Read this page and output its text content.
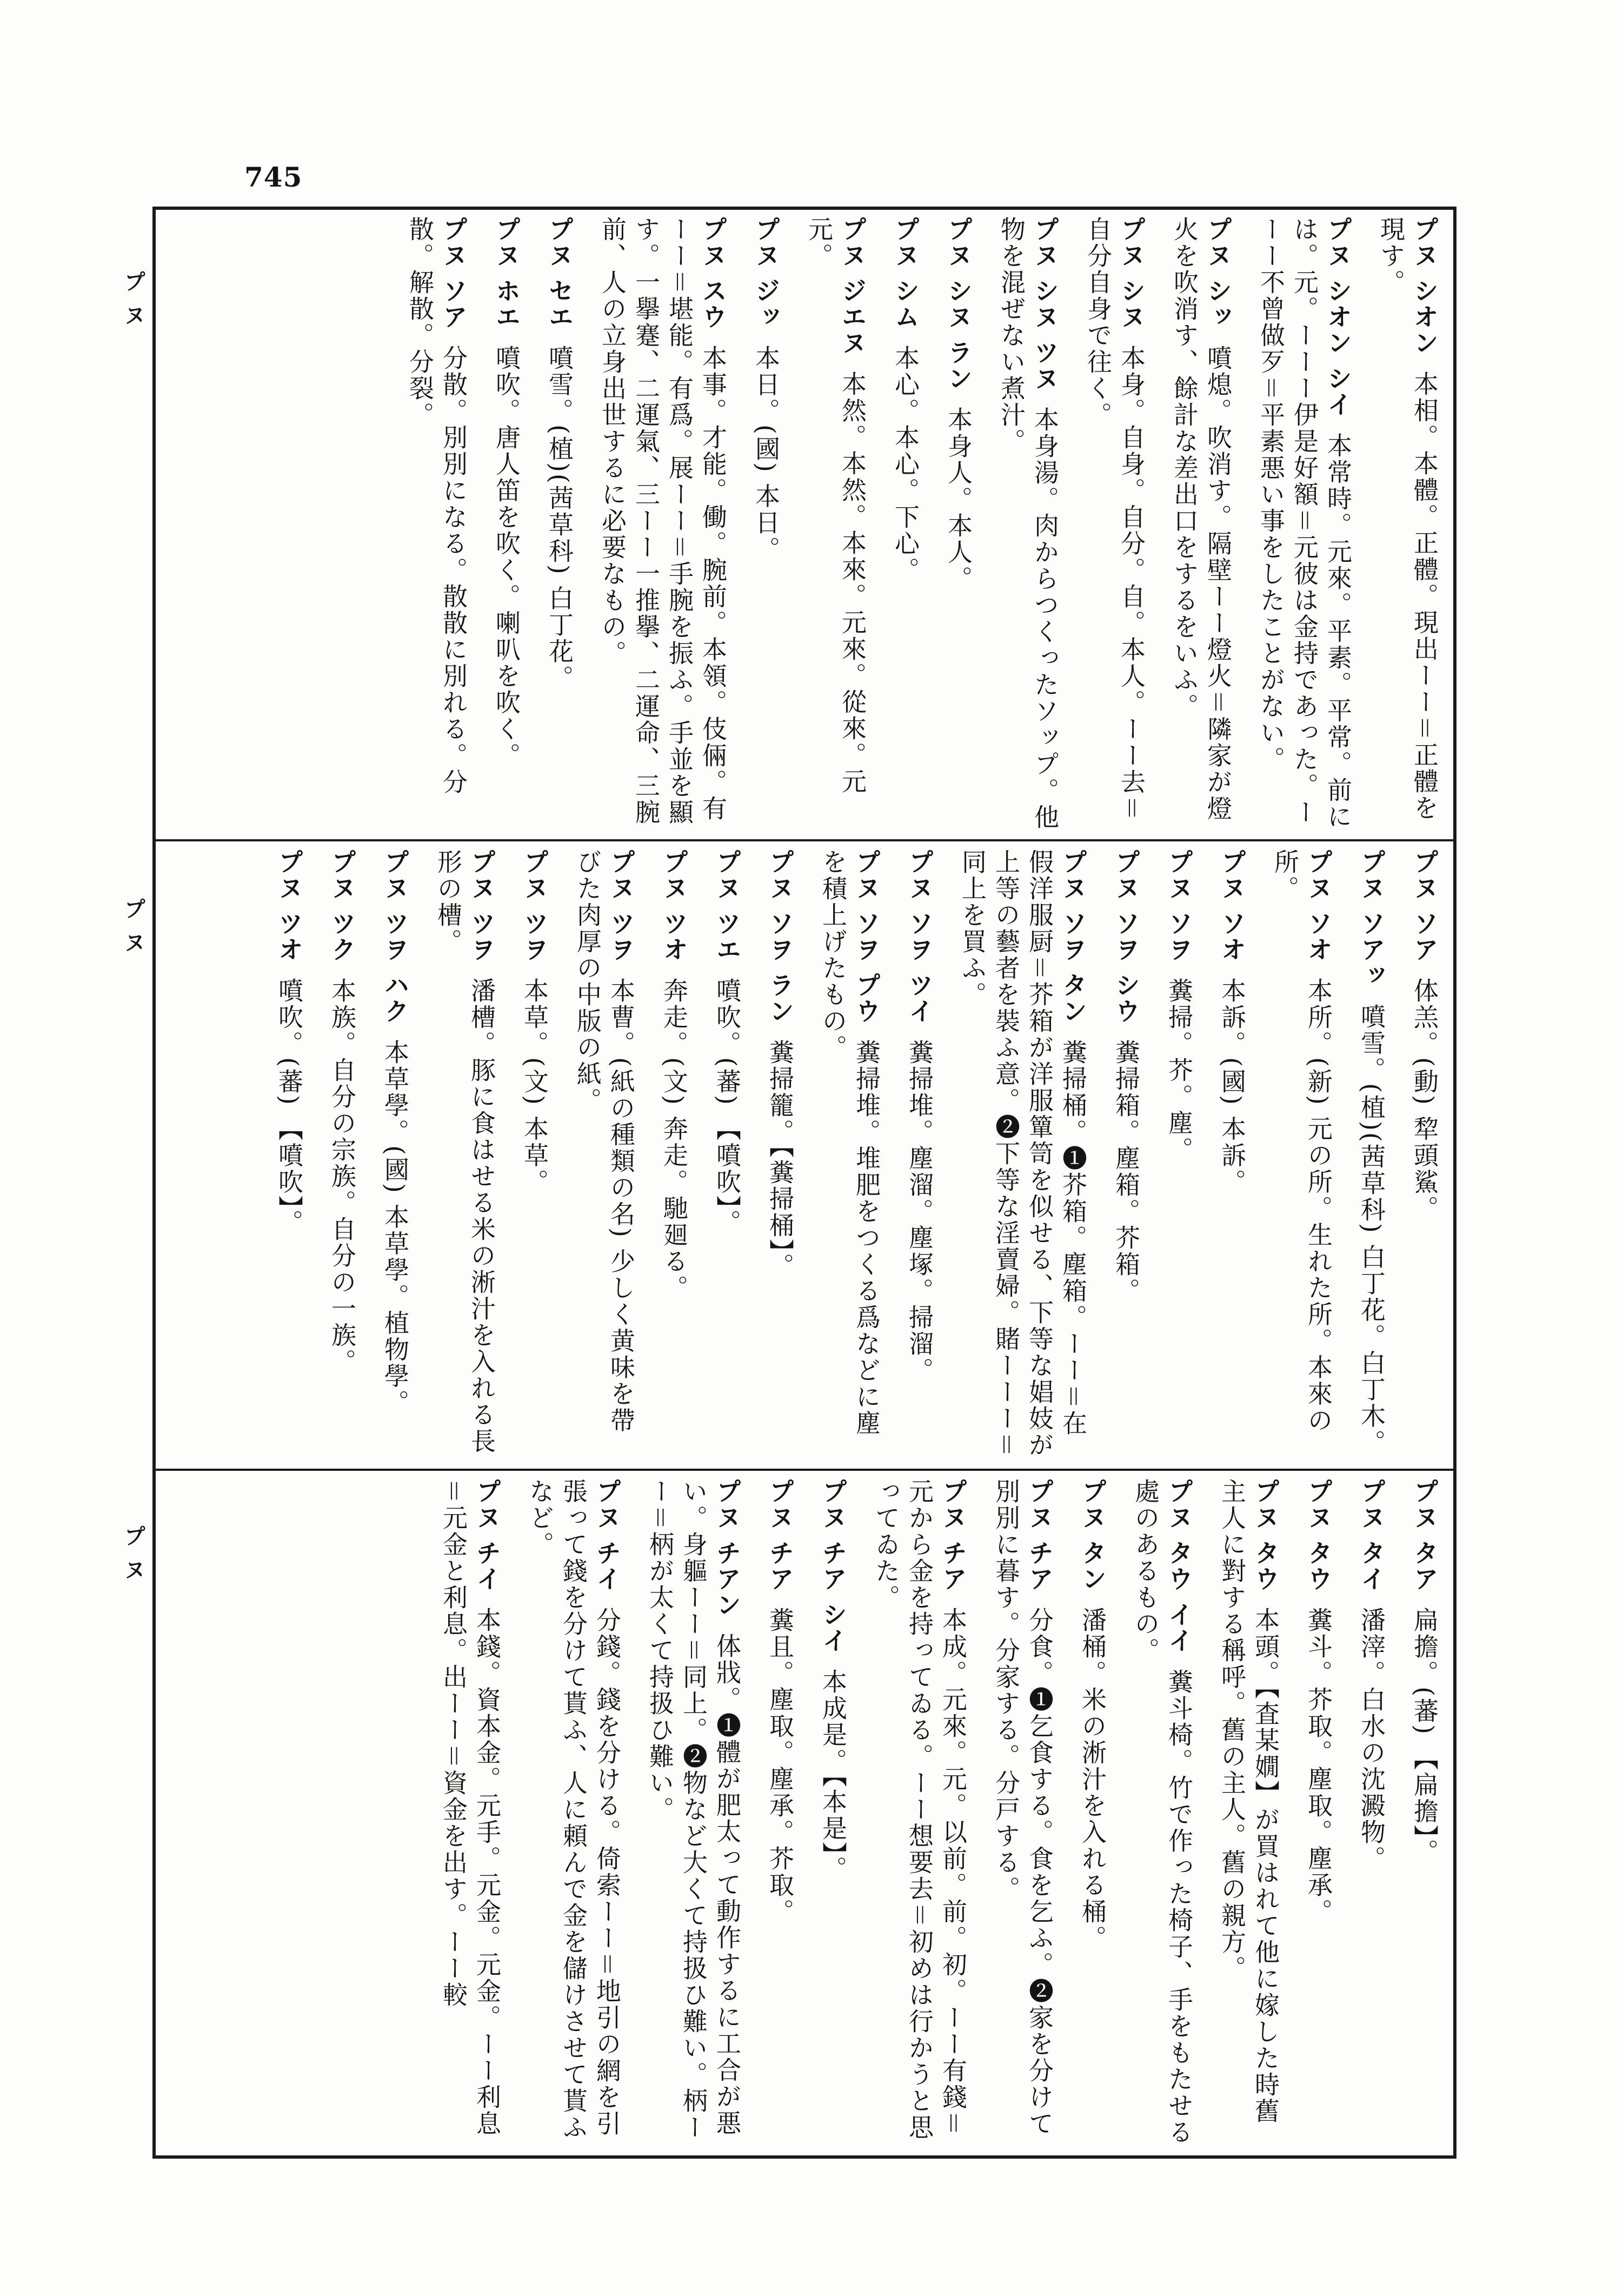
745
プヌ
プヌ
プヌ
プヌ シオン本相。本體。正體。現出ーー＝正體を現す。
プヌ シオン シイ本常時。元來。平素。平常。前には。元。ーーー伊是好額＝元彼は金持であった。ーーー不曾做歹＝平素悪い事をしたことがない。
プヌ シッ噴熄。吹消す。隔壁ーー燈火＝隣家が燈火を吹消す、餘計な差出口をするをいふ。
プヌ シヌ本身。自身。自分。自。本人。ーー去＝自分自身で往く。
プヌ シヌ ツヌ本身湯。肉からつくったソップ。他物を混ぜない煮汁。
プヌ シヌ ラン本身人。本人。
プヌ シム本心。本心。下心。
プヌ ジエヌ本然。本然。本來。元來。從來。元元。
プヌ ジッ本日。(國) 本日。
プヌ スウ本事。才能。働。腕前。本領。伎倆。有ーー＝堪能。有爲。展ーー＝手腕を振ふ。手並を顯す。一擧蹇、二運氣、三ーー一推擧、二運命、三腕前、人の立身出世するに必要なもの。
プヌ セエ噴雪。(植)(茜草科) 白丁花。
プヌ ホエ噴吹。唐人笛を吹く。喇叭を吹く。
プヌ ソア分散。別別になる。散散に別れる。分散。解散。分裂。
プヌ ソア体羔。(動) 犂頭鯊。
プヌ ソアッ噴雪。(植)(茜草科) 白丁花。白丁木。
プヌ ソオ本所。(新) 元の所。生れた所。本來の所。
プヌ ソオ本訴。(國) 本訴。
プヌ ソヲ糞掃。芥。塵。
プヌ ソヲ シウ糞掃箱。塵箱。芥箱。
プヌ ソヲ タン糞掃桶。❶芥箱。塵箱。ーー＝在假洋服厨＝芥箱が洋服簞笥を似せる、下等な娼妓が上等の藝者を裝ふ意。❷下等な淫賣婦。賭ーーー＝同上を買ふ。
プヌ ソヲ ツイ糞掃堆。塵溜。塵塚。掃溜。
プヌ ソヲ プウ糞掃堆。堆肥をつくる爲などに塵を積上げたもの。
プヌ ソヲ ラン糞掃籠。【糞掃桶】。
プヌ ツエ噴吹。(蕃) 【噴吹】。
プヌ ツオ奔走。(文) 奔走。馳廻る。
プヌ ツヲ本曹。(紙の種類の名) 少しく黄味を帶びた肉厚の中版の紙。
プヌ ツヲ本草。(文) 本草。
プヌ ツヲ潘槽。豚に食はせる米の淅汁を入れる長形の槽。
プヌ ツヲ ハク本草學。(國) 本草學。植物學。
プヌ ツク本族。自分の宗族。自分の一族。
プヌ ツオ噴吹。(蕃) 【噴吹】。
プヌ タア扁擔。(蕃) 【扁擔】。
プヌ タイ潘滓。白水の沈澱物。
プヌ タウ糞斗。芥取。塵取。塵承。
プヌ タウ本頭。【査某嫺】が買はれて他に嫁した時舊主人に對する稱呼。舊の主人。舊の親方。
プヌ タウ イイ糞斗椅。竹で作った椅子、手をもたせる處のあるもの。
プヌ タン潘桶。米の淅汁を入れる桶。
プヌ チア分食。❶乞食する。食を乞ふ。❷家を分けて別別に暮す。分家する。分戸する。
プヌ チア本成。元來。元。以前。前。初。ーー有錢＝元から金を持ってゐる。ーー想要去＝初めは行かうと思ってゐた。
プヌ チア シイ本成是。【本是】。
プヌ チア糞且。塵取。塵承。芥取。
プヌ チアン体戕。❶體が肥太って動作するに工合が悪い。身軀ーー＝同上。❷物など大くて持扱ひ難い。柄ーー＝柄が太くて持扱ひ難い。
プヌ チイ分錢。錢を分ける。倚索ーー＝地引の網を引張って錢を分けて貰ふ、人に頼んで金を儲けさせて貰ふなど。
プヌ チイ本錢。資本金。元手。元金。元金。ーー利息＝元金と利息。出ーー＝資金を出す。ーー較
